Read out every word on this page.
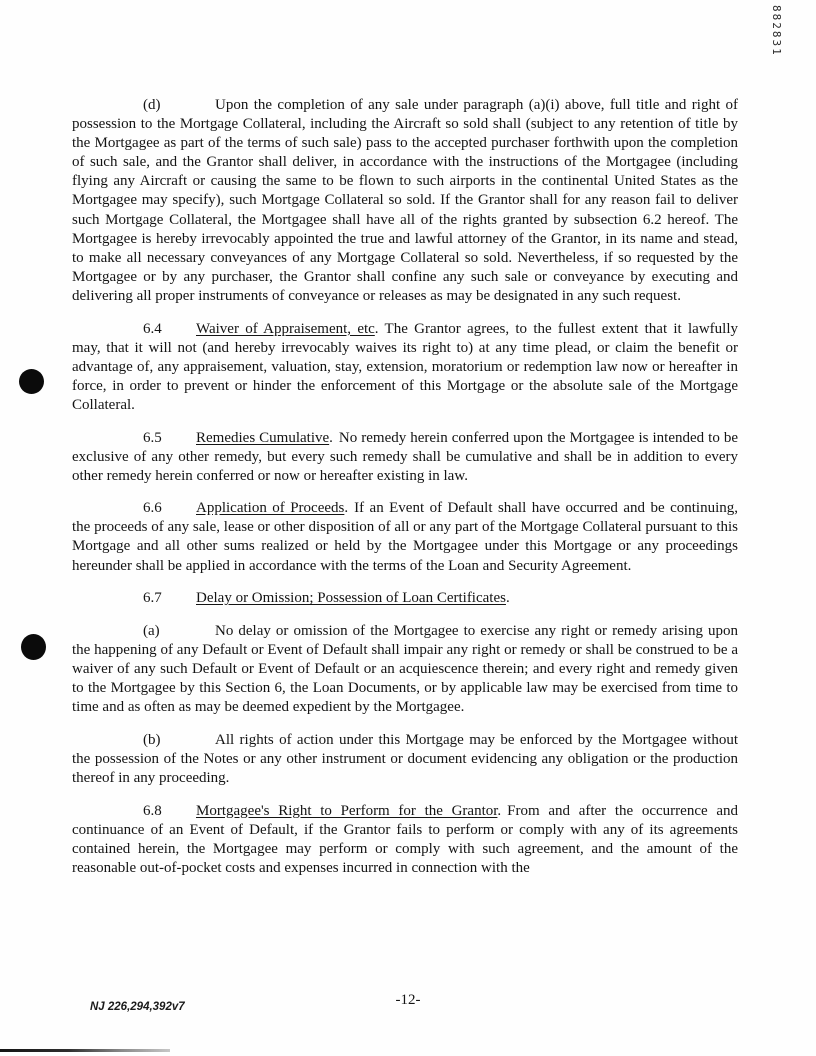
882831

(d)	Upon the completion of any sale under paragraph (a)(i) above, full title and right of possession to the Mortgage Collateral, including the Aircraft so sold shall (subject to any retention of title by the Mortgagee as part of the terms of such sale) pass to the accepted purchaser forthwith upon the completion of such sale, and the Grantor shall deliver, in accordance with the instructions of the Mortgagee (including flying any Aircraft or causing the same to be flown to such airports in the continental United States as the Mortgagee may specify), such Mortgage Collateral so sold. If the Grantor shall for any reason fail to deliver such Mortgage Collateral, the Mortgagee shall have all of the rights granted by subsection 6.2 hereof. The Mortgagee is hereby irrevocably appointed the true and lawful attorney of the Grantor, in its name and stead, to make all necessary conveyances of any Mortgage Collateral so sold. Nevertheless, if so requested by the Mortgagee or by any purchaser, the Grantor shall confine any such sale or conveyance by executing and delivering all proper instruments of conveyance or releases as may be designated in any such request.

6.4 Waiver of Appraisement, etc. The Grantor agrees, to the fullest extent that it lawfully may, that it will not (and hereby irrevocably waives its right to) at any time plead, or claim the benefit or advantage of, any appraisement, valuation, stay, extension, moratorium or redemption law now or hereafter in force, in order to prevent or hinder the enforcement of this Mortgage or the absolute sale of the Mortgage Collateral.

6.5 Remedies Cumulative. No remedy herein conferred upon the Mortgagee is intended to be exclusive of any other remedy, but every such remedy shall be cumulative and shall be in addition to every other remedy herein conferred or now or hereafter existing in law.

6.6 Application of Proceeds. If an Event of Default shall have occurred and be continuing, the proceeds of any sale, lease or other disposition of all or any part of the Mortgage Collateral pursuant to this Mortgage and all other sums realized or held by the Mortgagee under this Mortgage or any proceedings hereunder shall be applied in accordance with the terms of the Loan and Security Agreement.

6.7 Delay or Omission; Possession of Loan Certificates.

(a)	No delay or omission of the Mortgagee to exercise any right or remedy arising upon the happening of any Default or Event of Default shall impair any right or remedy or shall be construed to be a waiver of any such Default or Event of Default or an acquiescence therein; and every right and remedy given to the Mortgagee by this Section 6, the Loan Documents, or by applicable law may be exercised from time to time and as often as may be deemed expedient by the Mortgagee.

(b)	All rights of action under this Mortgage may be enforced by the Mortgagee without the possession of the Notes or any other instrument or document evidencing any obligation or the production thereof in any proceeding.

6.8 Mortgagee's Right to Perform for the Grantor. From and after the occurrence and continuance of an Event of Default, if the Grantor fails to perform or comply with any of its agreements contained herein, the Mortgagee may perform or comply with such agreement, and the amount of the reasonable out-of-pocket costs and expenses incurred in connection with the

-12-
NJ 226,294,392v7
